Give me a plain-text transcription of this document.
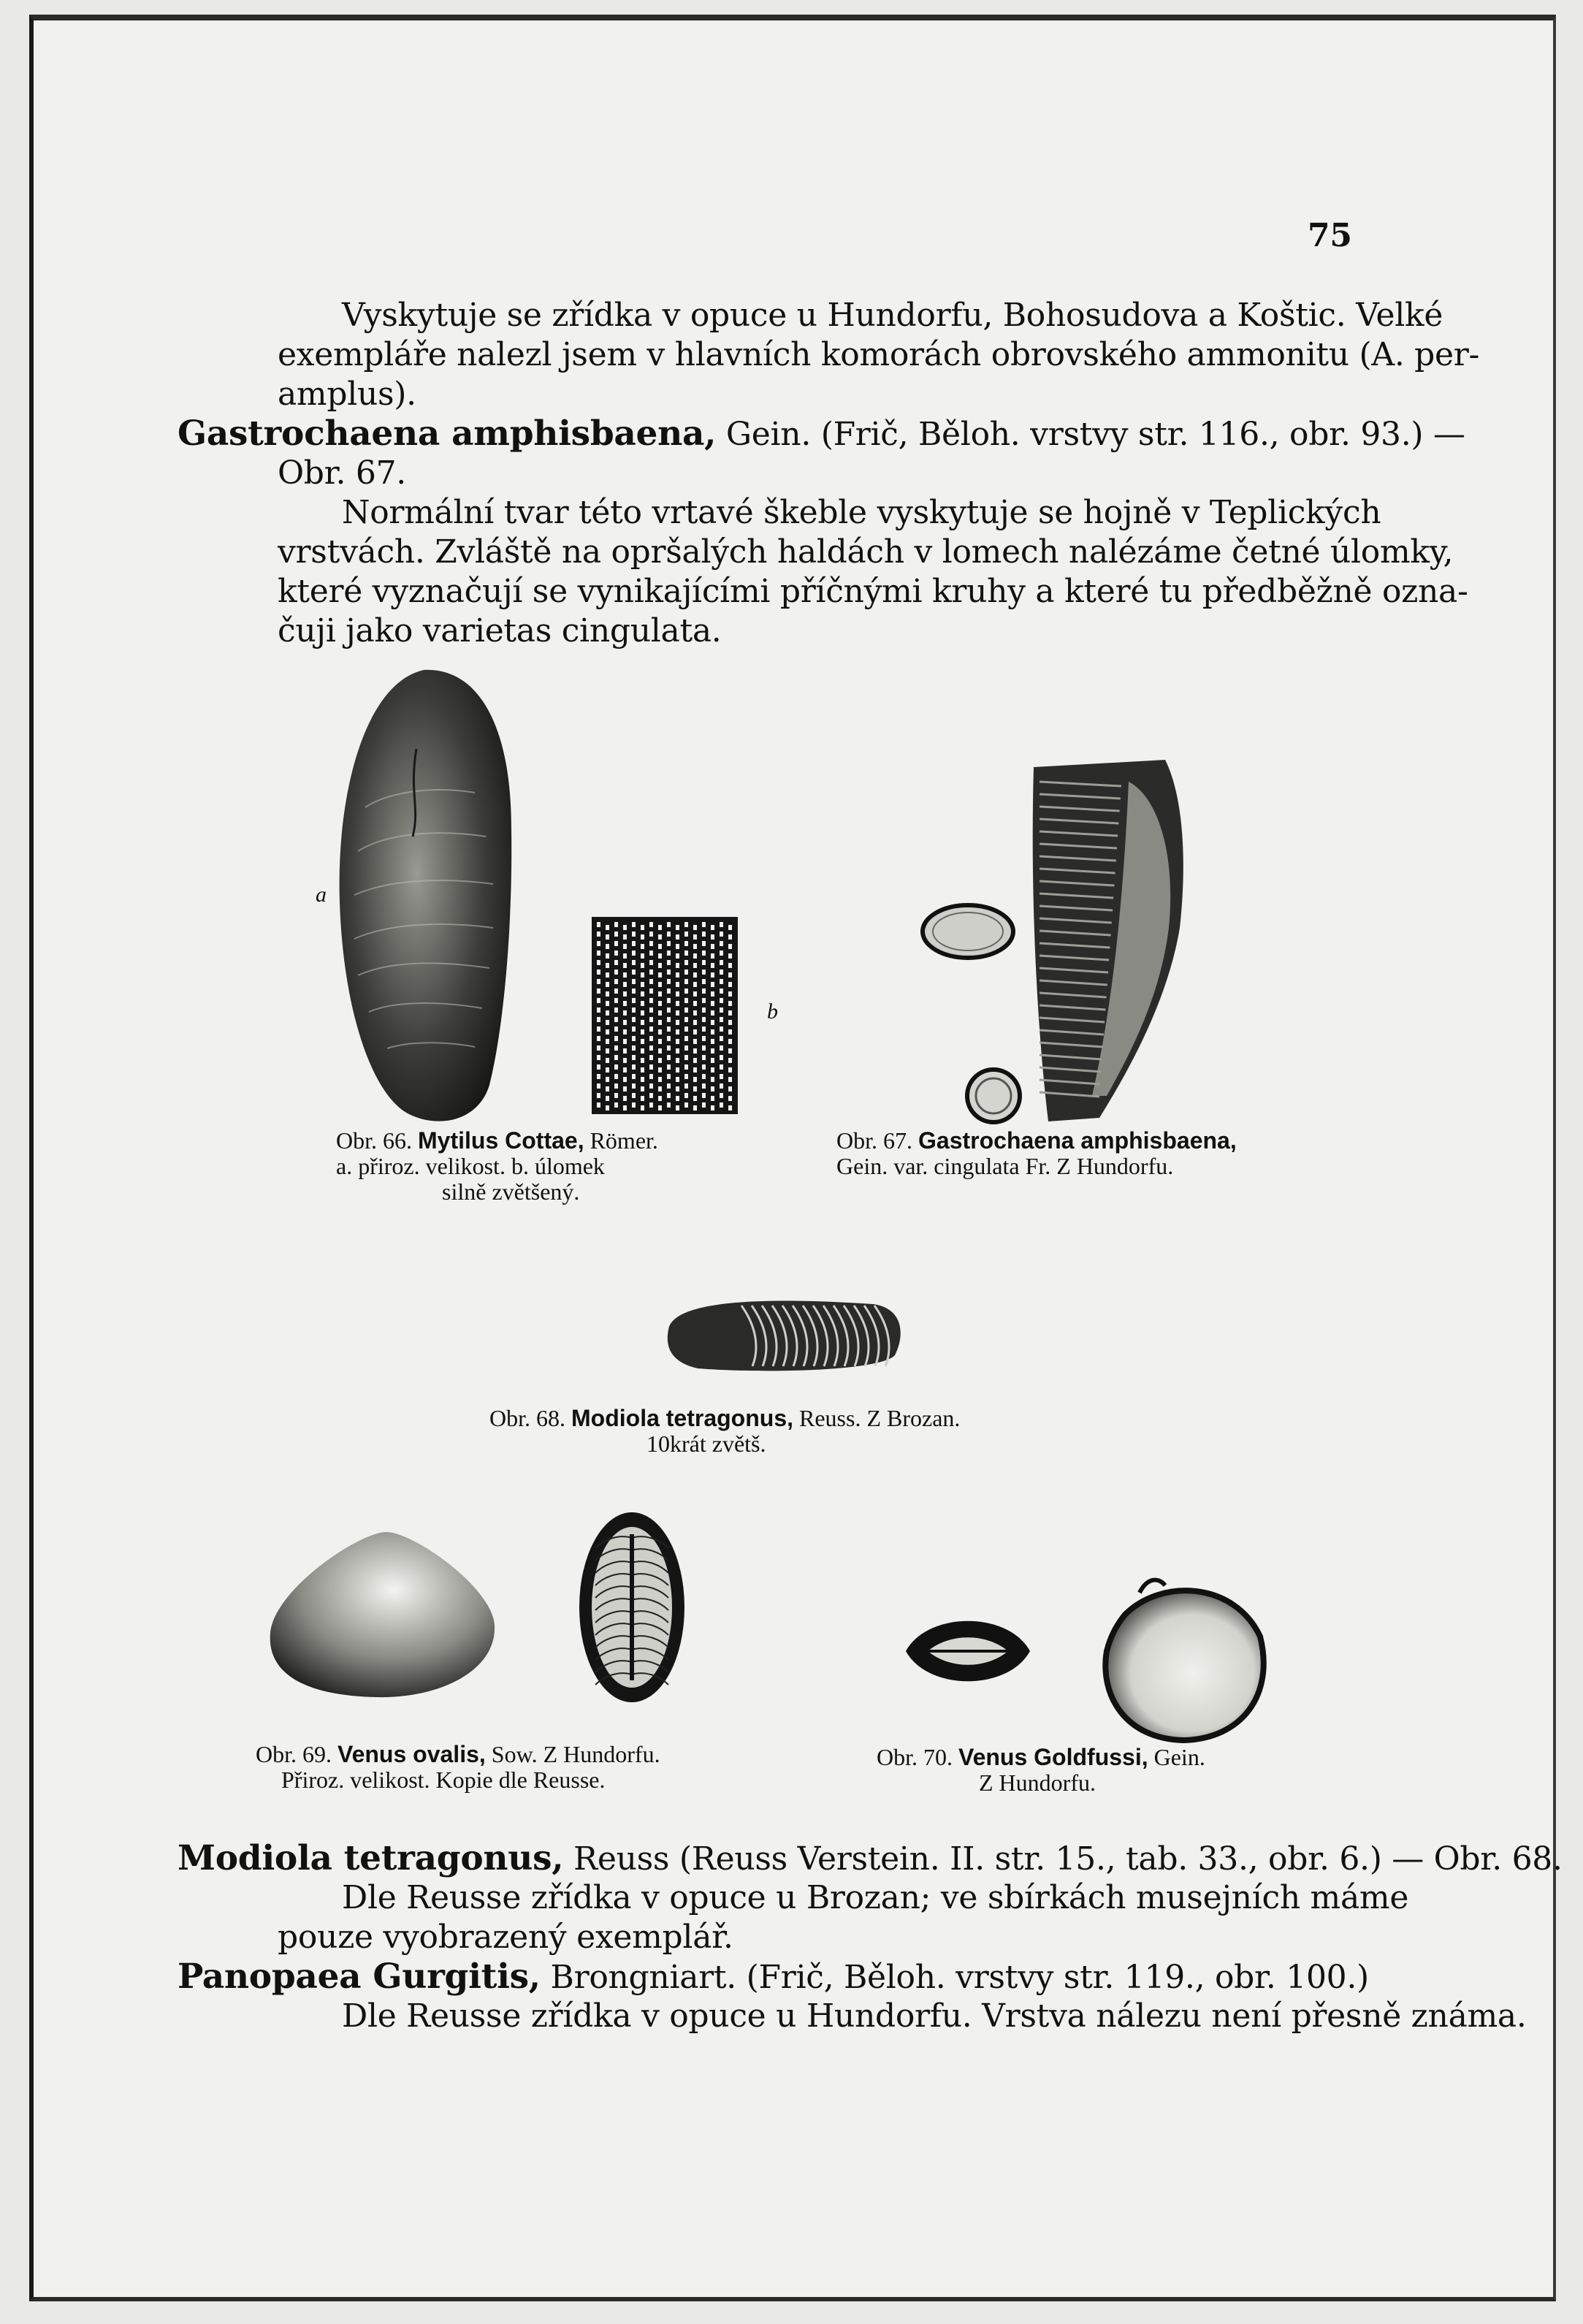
75
Vyskytuje se zřídka v opuce u Hundorfu, Bohosudova a Koštic. Velké
exempláře nalezl jsem v hlavních komorách obrovského ammonitu (A. per-
amplus).
Gastrochaena amphisbaena, Gein. (Frič, Běloh. vrstvy str. 116., obr. 93.) —
Obr. 67.
Normální tvar této vrtavé škeble vyskytuje se hojně v Teplických
vrstvách. Zvláště na opršalých haldách v lomech nalézáme četné úlomky,
které vyznačují se vynikajícími příčnými kruhy a které tu předběžně ozna-
čuji jako varietas cingulata.
a
b
Obr. 66. Mytilus Cottae, Römer.
a. přiroz. velikost. b. úlomek
silně zvětšený.
Obr. 67. Gastrochaena amphisbaena,
Gein. var. cingulata Fr. Z Hundorfu.
Obr. 68. Modiola tetragonus, Reuss. Z Brozan.
10krát zvětš.
Obr. 69. Venus ovalis, Sow. Z Hundorfu.
Přiroz. velikost. Kopie dle Reusse.
Obr. 70. Venus Goldfussi, Gein.
Z Hundorfu.
Modiola tetragonus, Reuss (Reuss Verstein. II. str. 15., tab. 33., obr. 6.) — Obr. 68.
Dle Reusse zřídka v opuce u Brozan; ve sbírkách musejních máme
pouze vyobrazený exemplář.
Panopaea Gurgitis, Brongniart. (Frič, Běloh. vrstvy str. 119., obr. 100.)
Dle Reusse zřídka v opuce u Hundorfu. Vrstva nálezu není přesně známa.
